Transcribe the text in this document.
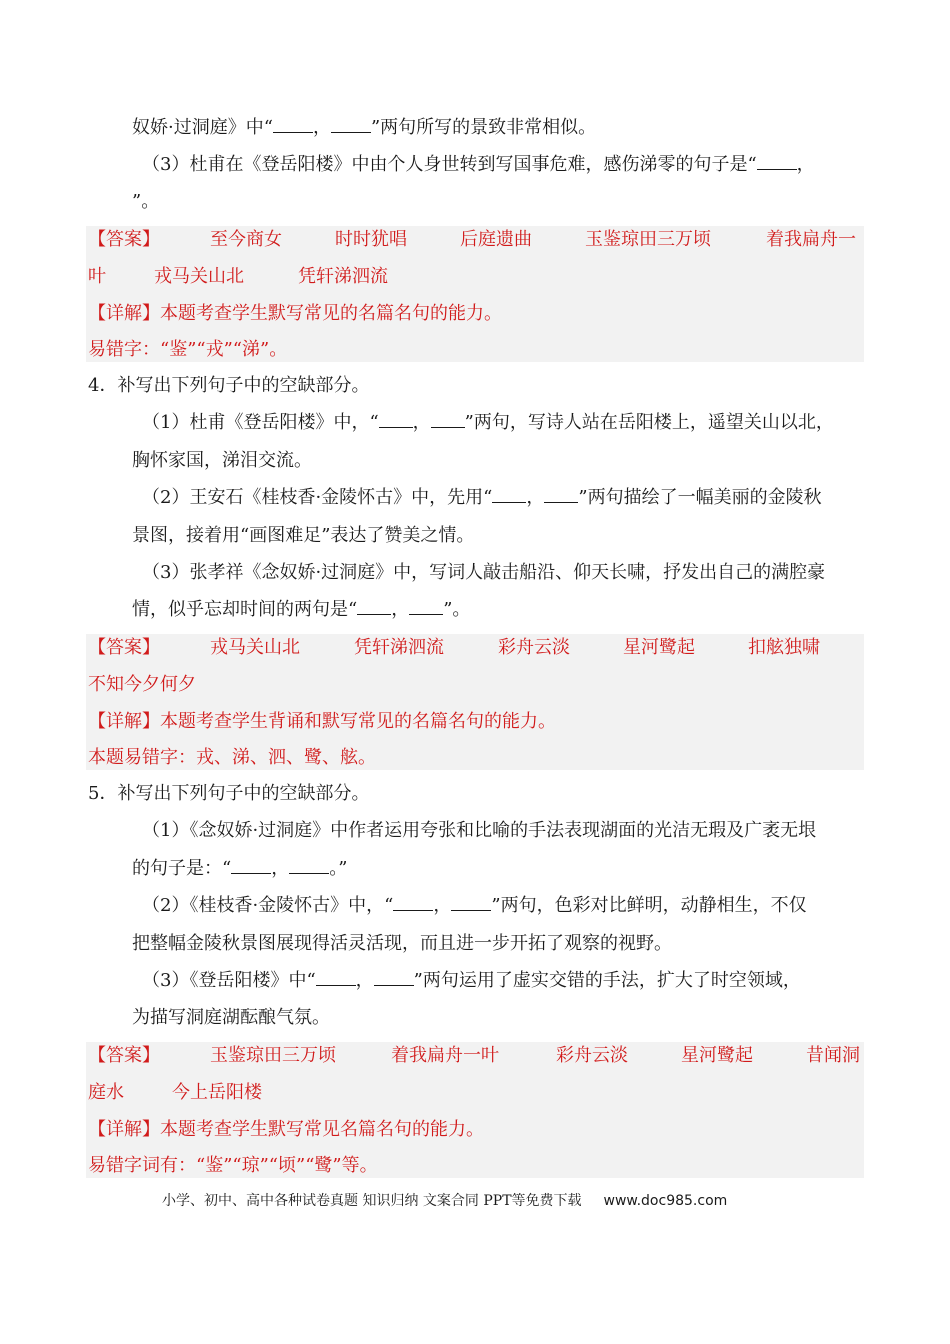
奴娇·过洞庭》中“ ， ”两句所写的景致非常相似。
（3）杜甫在《登岳阳楼》中由个人身世转到写国事危难，感伤涕零的句子是“ ，
”。
【答案】	至今商女	时时犹唱	后庭遗曲	玉鉴琼田三万顷	着我扁舟一
叶	戎马关山北	凭轩涕泗流
【详解】本题考查学生默写常见的名篇名句的能力。
易错字：“鉴”“戎”“涕”。
4．补写出下列句子中的空缺部分。
（1）杜甫《登岳阳楼》中，“ ， ”两句，写诗人站在岳阳楼上，遥望关山以北，
胸怀家国，涕泪交流。
（2）王安石《桂枝香·金陵怀古》中，先用“ ， ”两句描绘了一幅美丽的金陵秋
景图，接着用“画图难足”表达了赞美之情。
（3）张孝祥《念奴娇·过洞庭》中，写词人敲击船沿、仰天长啸，抒发出自己的满腔豪
情，似乎忘却时间的两句是“ ， ”。
【答案】	戎马关山北	凭轩涕泗流	彩舟云淡	星河鹭起	扣舷独啸
不知今夕何夕
【详解】本题考查学生背诵和默写常见的名篇名句的能力。
本题易错字：戎、涕、泗、鹭、舷。
5．补写出下列句子中的空缺部分。
（1）《念奴娇·过洞庭》中作者运用夸张和比喻的手法表现湖面的光洁无瑕及广袤无垠
的句子是：“ ， 。”
（2）《桂枝香·金陵怀古》中，“ ， ”两句，色彩对比鲜明，动静相生，不仅
把整幅金陵秋景图展现得活灵活现，而且进一步开拓了观察的视野。
（3）《登岳阳楼》中“ ， ”两句运用了虚实交错的手法，扩大了时空领域，
为描写洞庭湖酝酿气氛。
【答案】	玉鉴琼田三万顷	着我扁舟一叶	彩舟云淡	星河鹭起	昔闻洞
庭水	今上岳阳楼
【详解】本题考查学生默写常见名篇名句的能力。
易错字词有：“鉴”“琼”“顷”“鹭”等。
小学、初中、高中各种试卷真题 知识归纳 文案合同 PPT等免费下载 www.doc985.com
